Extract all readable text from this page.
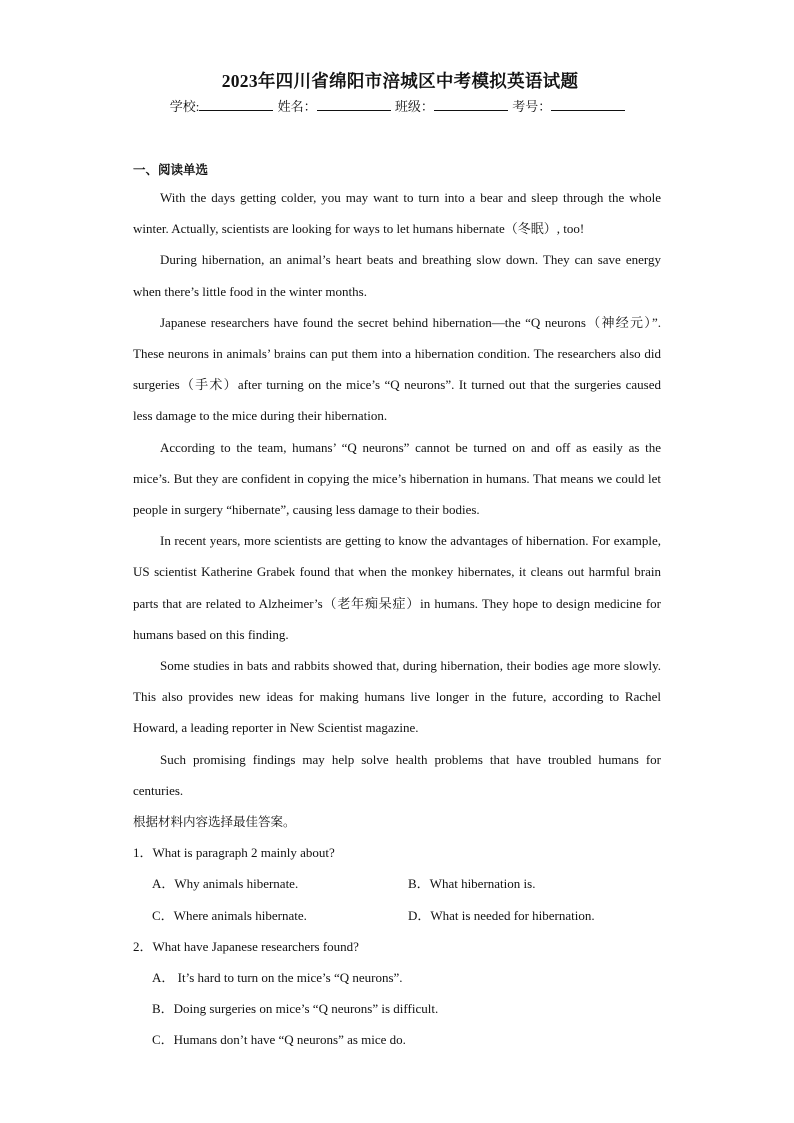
2023年四川省绵阳市涪城区中考模拟英语试题
学校:	姓名：	班级：	考号：
一、阅读单选

With the days getting colder, you may want to turn into a bear and sleep through the whole winter. Actually, scientists are looking for ways to let humans hibernate（冬眠）, too!

During hibernation, an animal’s heart beats and breathing slow down. They can save energy when there’s little food in the winter months.

Japanese researchers have found the secret behind hibernation—the “Q neurons（神经元）”. These neurons in animals’ brains can put them into a hibernation condition. The researchers also did surgeries（手术）after turning on the mice’s “Q neurons”. It turned out that the surgeries caused less damage to the mice during their hibernation.

According to the team, humans’ “Q neurons” cannot be turned on and off as easily as the mice’s. But they are confident in copying the mice’s hibernation in humans. That means we could let people in surgery “hibernate”, causing less damage to their bodies.

In recent years, more scientists are getting to know the advantages of hibernation. For example, US scientist Katherine Grabek found that when the monkey hibernates, it cleans out harmful brain parts that are related to Alzheimer’s（老年痴呆症）in humans. They hope to design medicine for humans based on this finding.

Some studies in bats and rabbits showed that, during hibernation, their bodies age more slowly. This also provides new ideas for making humans live longer in the future, according to Rachel Howard, a leading reporter in New Scientist magazine.

Such promising findings may help solve health problems that have troubled humans for centuries.

根据材料内容选择最佳答案。

1．What is paragraph 2 mainly about?

A．Why animals hibernate.	B．What hibernation is.

C．Where animals hibernate.	D．What is needed for hibernation.

2．What have Japanese researchers found?

A． It’s hard to turn on the mice’s “Q neurons”.

B．Doing surgeries on mice’s “Q neurons” is difficult.

C．Humans don’t have “Q neurons” as mice do.
